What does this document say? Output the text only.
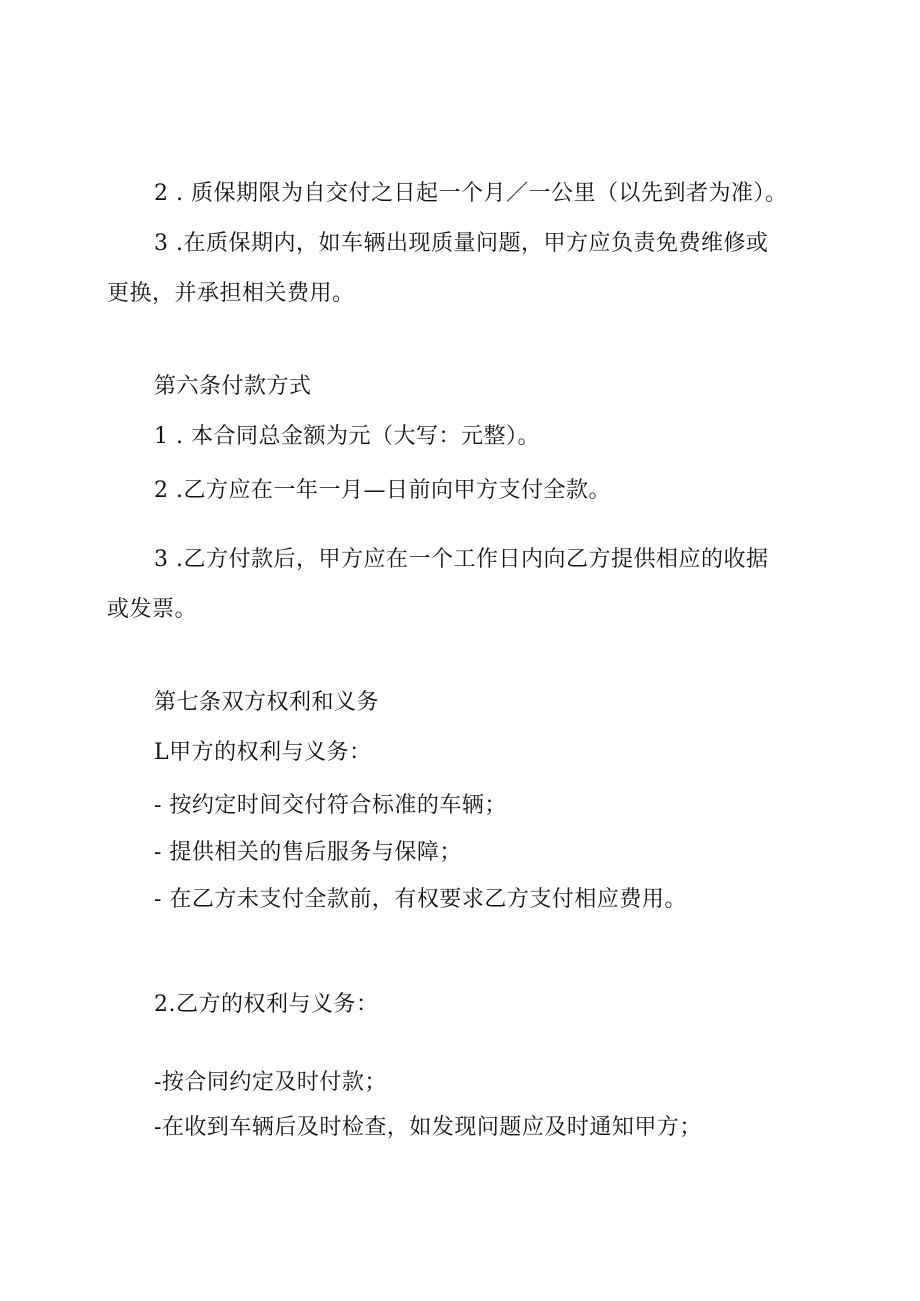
2 . 质保期限为自交付之日起一个月／一公里（以先到者为准）。
3 .在质保期内，如车辆出现质量问题，甲方应负责免费维修或
更换，并承担相关费用。
第六条付款方式
1 . 本合同总金额为元（大写：元整）。
2 .乙方应在一年一月—日前向甲方支付全款。
3 .乙方付款后，甲方应在一个工作日内向乙方提供相应的收据
或发票。
第七条双方权利和义务
L甲方的权利与义务：
- 按约定时间交付符合标准的车辆；
- 提供相关的售后服务与保障；
- 在乙方未支付全款前，有权要求乙方支付相应费用。
2.乙方的权利与义务：
-按合同约定及时付款；
-在收到车辆后及时检查，如发现问题应及时通知甲方；
